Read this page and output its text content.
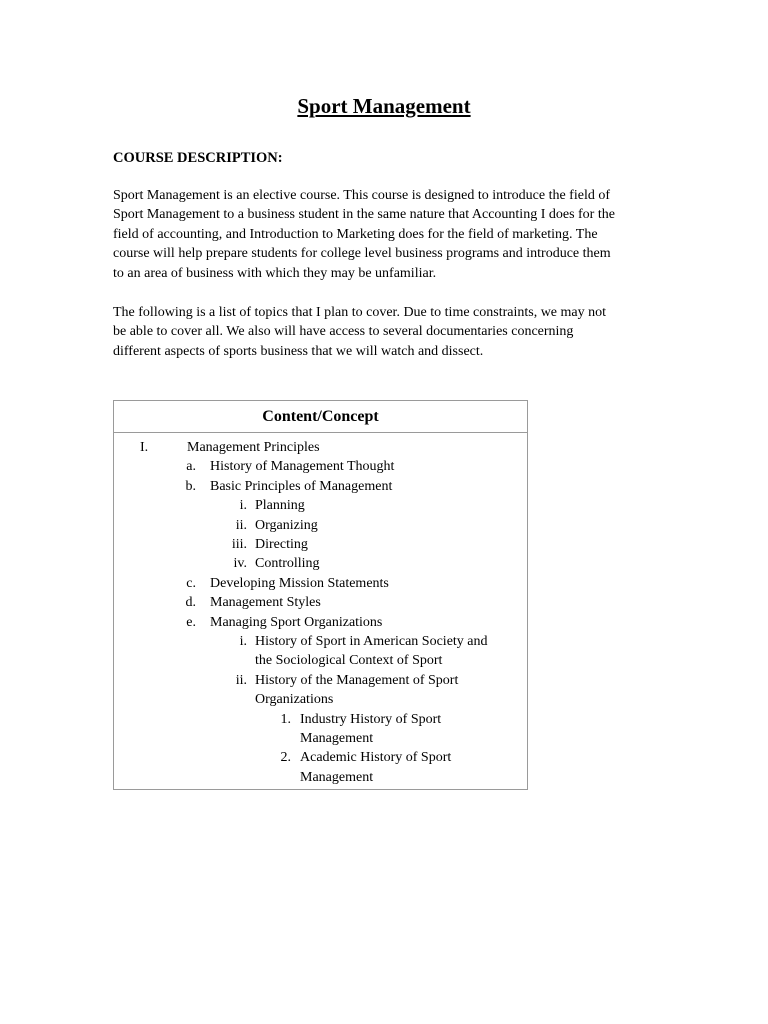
Sport Management
COURSE DESCRIPTION:
Sport Management is an elective course. This course is designed to introduce the field of
Sport Management to a business student in the same nature that Accounting I does for the
field of accounting, and Introduction to Marketing does for the field of marketing. The
course will help prepare students for college level business programs and introduce them
to an area of business with which they may be unfamiliar.
The following is a list of topics that I plan to cover. Due to time constraints, we may not
be able to cover all. We also will have access to several documentaries concerning
different aspects of sports business that we will watch and dissect.
Content/Concept
I.	Management Principles
a. History of Management Thought
b. Basic Principles of Management
i. Planning
ii. Organizing
iii. Directing
iv. Controlling
c. Developing Mission Statements
d. Management Styles
e. Managing Sport Organizations
i. History of Sport in American Society and
the Sociological Context of Sport
ii. History of the Management of Sport
Organizations
1. Industry History of Sport
Management
2. Academic History of Sport
Management
